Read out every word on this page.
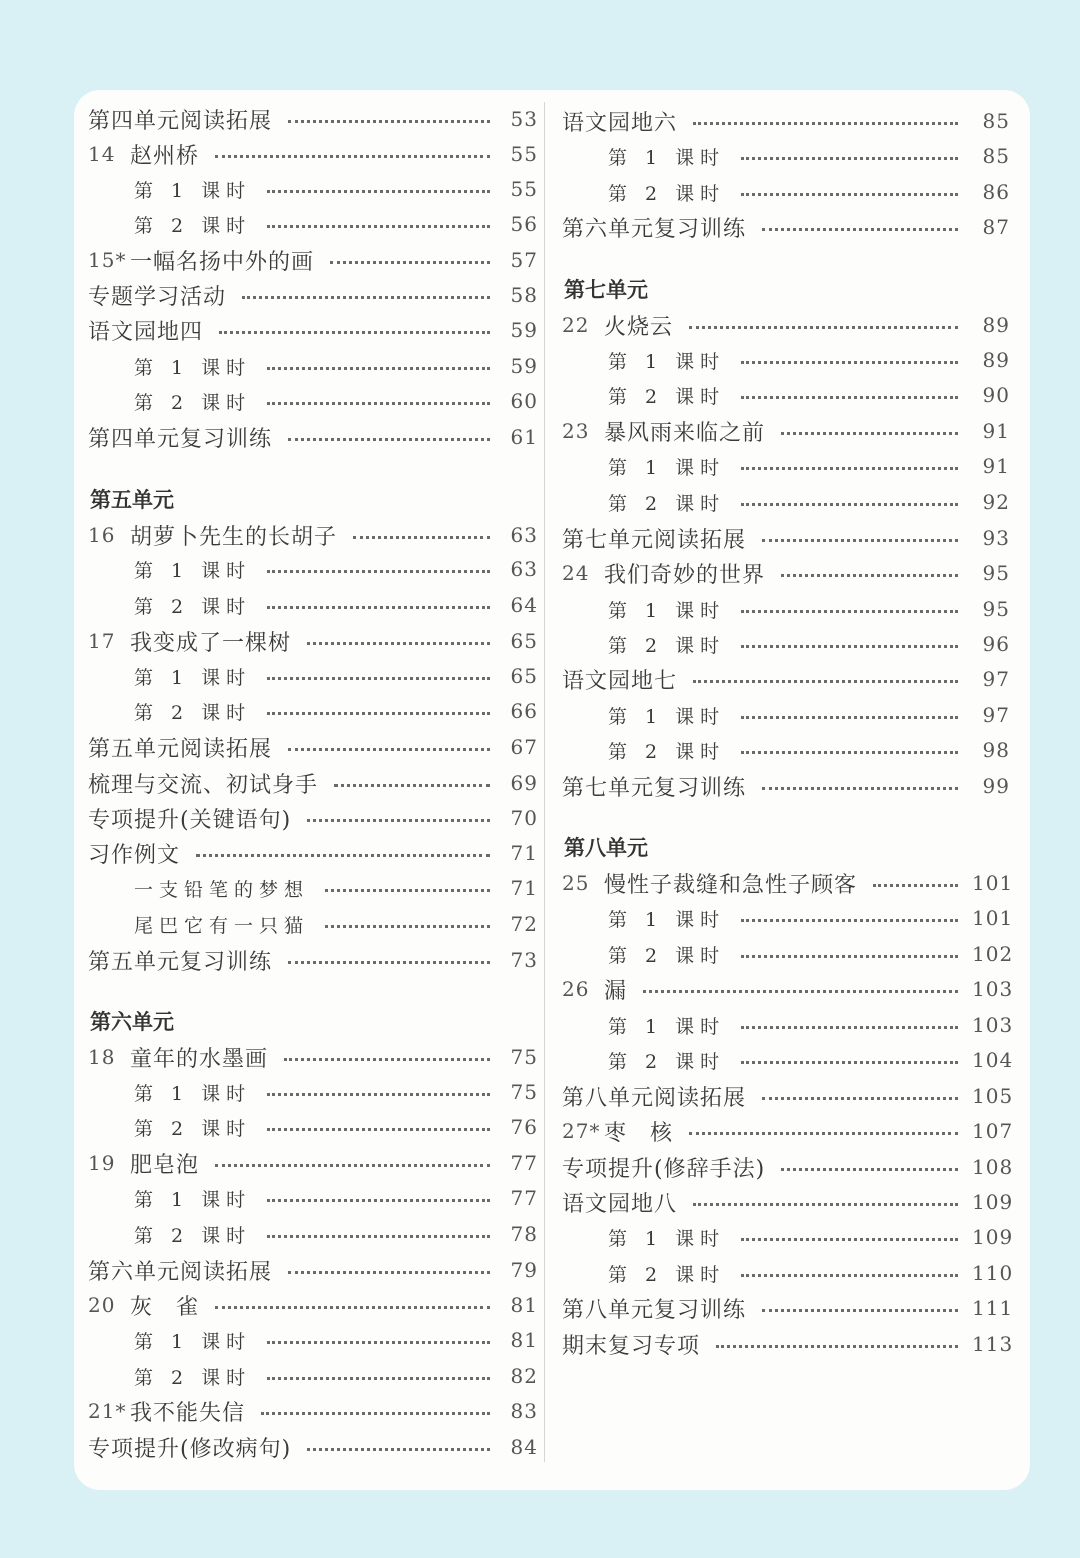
第五单元
第六单元
第四单元阅读拓展	53
14 赵州桥	55
第 1 课时	55
第 2 课时	56
15* 一幅名扬中外的画	57
专题学习活动	58
语文园地四	59
第 1 课时	59
第 2 课时	60
第四单元复习训练	61
16 胡萝卜先生的长胡子	63
第 1 课时	63
第 2 课时	64
17 我变成了一棵树	65
第 1 课时	65
第 2 课时	66
第五单元阅读拓展	67
梳理与交流、初试身手	69
专项提升(关键语句)	70
习作例文	71
一支铅笔的梦想	71
尾巴它有一只猫	72
第五单元复习训练	73
18 童年的水墨画	75
第 1 课时	75
第 2 课时	76
19 肥皂泡	77
第 1 课时	77
第 2 课时	78
第六单元阅读拓展	79
20 灰　雀	81
第 1 课时	81
第 2 课时	82
21* 我不能失信	83
专项提升(修改病句)	84
第七单元
第八单元
语文园地六	85
第 1 课时	85
第 2 课时	86
第六单元复习训练	87
22 火烧云	89
第 1 课时	89
第 2 课时	90
23 暴风雨来临之前	91
第 1 课时	91
第 2 课时	92
第七单元阅读拓展	93
24 我们奇妙的世界	95
第 1 课时	95
第 2 课时	96
语文园地七	97
第 1 课时	97
第 2 课时	98
第七单元复习训练	99
25 慢性子裁缝和急性子顾客	101
第 1 课时	101
第 2 课时	102
26 漏	103
第 1 课时	103
第 2 课时	104
第八单元阅读拓展	105
27* 枣　核	107
专项提升(修辞手法)	108
语文园地八	109
第 1 课时	109
第 2 课时	110
第八单元复习训练	111
期末复习专项	113
